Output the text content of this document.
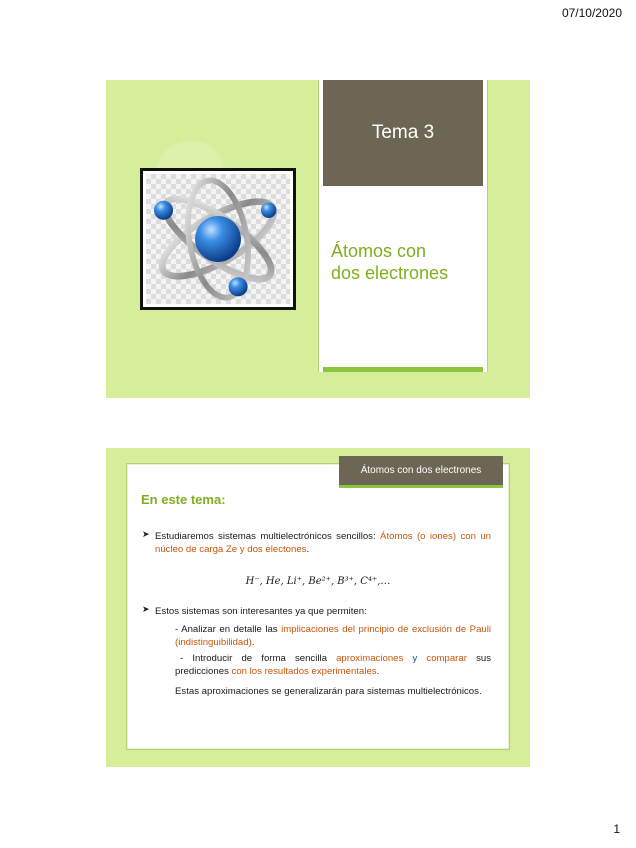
07/10/2020
Tema 3
Átomos con
dos electrones
Átomos con dos electrones
En este tema:
➤ Estudiaremos sistemas multielectrónicos sencillos: Átomos (o iones) con un núcleo de carga Ze y dos electones.

H⁻, He, Li⁺, Be²⁺, B³⁺, C⁴⁺,…
➤ Estos sistemas son interesantes ya que permiten:

- Analizar en detalle las implicaciones del principio de exclusión de Pauli (indistinguibilidad).

- Introducir de forma sencilla aproximaciones y comparar sus predicciones con los resultados experimentales.

Estas aproximaciones se generalizarán para sistemas multielectrónicos.

1
